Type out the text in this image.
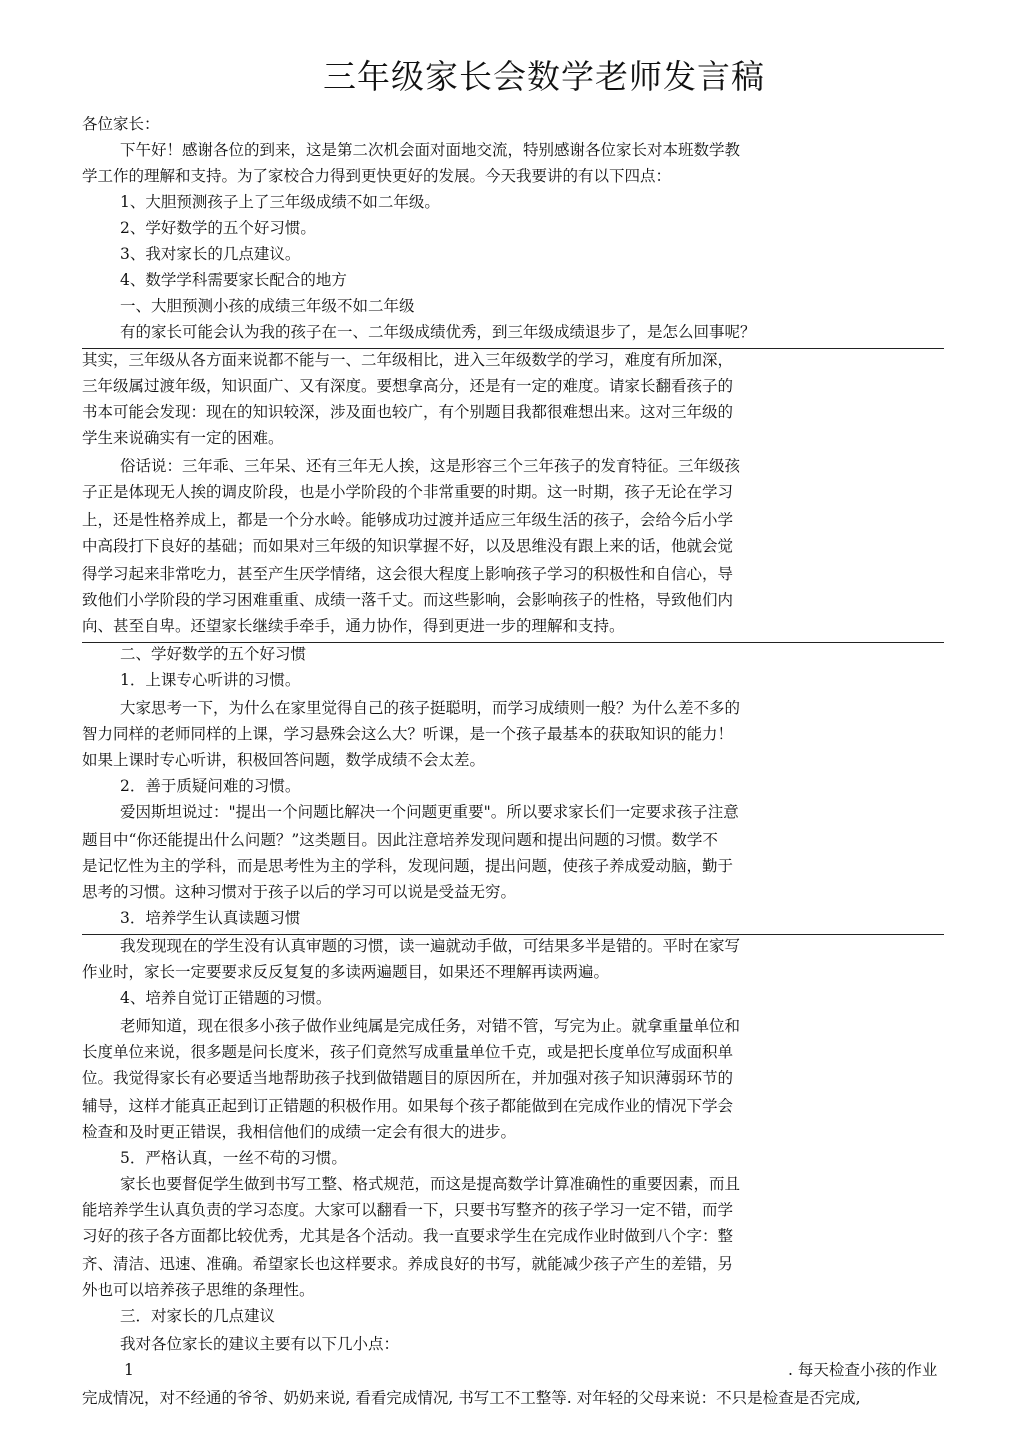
三年级家长会数学老师发言稿
各位家长：
下午好！感谢各位的到来，这是第二次机会面对面地交流，特别感谢各位家长对本班数学教
学工作的理解和支持。为了家校合力得到更快更好的发展。今天我要讲的有以下四点：
1、大胆预测孩子上了三年级成绩不如二年级。
2、学好数学的五个好习惯。
3、我对家长的几点建议。
4、数学学科需要家长配合的地方
一、大胆预测小孩的成绩三年级不如二年级
有的家长可能会认为我的孩子在一、二年级成绩优秀，到三年级成绩退步了，是怎么回事呢？
其实，三年级从各方面来说都不能与一、二年级相比，进入三年级数学的学习，难度有所加深，
三年级属过渡年级，知识面广、又有深度。要想拿高分，还是有一定的难度。请家长翻看孩子的
书本可能会发现：现在的知识较深，涉及面也较广，有个别题目我都很难想出来。这对三年级的
学生来说确实有一定的困难。
俗话说：三年乖、三年呆、还有三年无人挨，这是形容三个三年孩子的发育特征。三年级孩
子正是体现无人挨的调皮阶段，也是小学阶段的个非常重要的时期。这一时期，孩子无论在学习
上，还是性格养成上，都是一个分水岭。能够成功过渡并适应三年级生活的孩子，会给今后小学
中高段打下良好的基础；而如果对三年级的知识掌握不好，以及思维没有跟上来的话，他就会觉
得学习起来非常吃力，甚至产生厌学情绪，这会很大程度上影响孩子学习的积极性和自信心，导
致他们小学阶段的学习困难重重、成绩一落千丈。而这些影响，会影响孩子的性格，导致他们内
向、甚至自卑。还望家长继续手牵手，通力协作，得到更进一步的理解和支持。
二、学好数学的五个好习惯
1．上课专心听讲的习惯。
大家思考一下，为什么在家里觉得自己的孩子挺聪明，而学习成绩则一般？为什么差不多的
智力同样的老师同样的上课，学习悬殊会这么大？听课，是一个孩子最基本的获取知识的能力！
如果上课时专心听讲，积极回答问题，数学成绩不会太差。
2．善于质疑问难的习惯。
爱因斯坦说过："提出一个问题比解决一个问题更重要"。所以要求家长们一定要求孩子注意
题目中“你还能提出什么问题？”这类题目。因此注意培养发现问题和提出问题的习惯。数学不
是记忆性为主的学科，而是思考性为主的学科，发现问题，提出问题，使孩子养成爱动脑，勤于
思考的习惯。这种习惯对于孩子以后的学习可以说是受益无穷。
3．培养学生认真读题习惯
我发现现在的学生没有认真审题的习惯，读一遍就动手做，可结果多半是错的。平时在家写
作业时，家长一定要要求反反复复的多读两遍题目，如果还不理解再读两遍。
4、培养自觉订正错题的习惯。
老师知道，现在很多小孩子做作业纯属是完成任务，对错不管，写完为止。就拿重量单位和
长度单位来说，很多题是问长度米，孩子们竟然写成重量单位千克，或是把长度单位写成面积单
位。我觉得家长有必要适当地帮助孩子找到做错题目的原因所在，并加强对孩子知识薄弱环节的
辅导，这样才能真正起到订正错题的积极作用。如果每个孩子都能做到在完成作业的情况下学会
检查和及时更正错误，我相信他们的成绩一定会有很大的进步。
5．严格认真，一丝不苟的习惯。
家长也要督促学生做到书写工整、格式规范，而这是提高数学计算准确性的重要因素，而且
能培养学生认真负责的学习态度。大家可以翻看一下，只要书写整齐的孩子学习一定不错，而学
习好的孩子各方面都比较优秀，尤其是各个活动。我一直要求学生在完成作业时做到八个字：整
齐、清洁、迅速、准确。希望家长也这样要求。养成良好的书写，就能减少孩子产生的差错，另
外也可以培养孩子思维的条理性。
三．对家长的几点建议
我对各位家长的建议主要有以下几小点：
1	. 每天检查小孩的作业
完成情况，对不经通的爷爷、奶奶来说, 看看完成情况, 书写工不工整等. 对年轻的父母来说：不只是检查是否完成,
